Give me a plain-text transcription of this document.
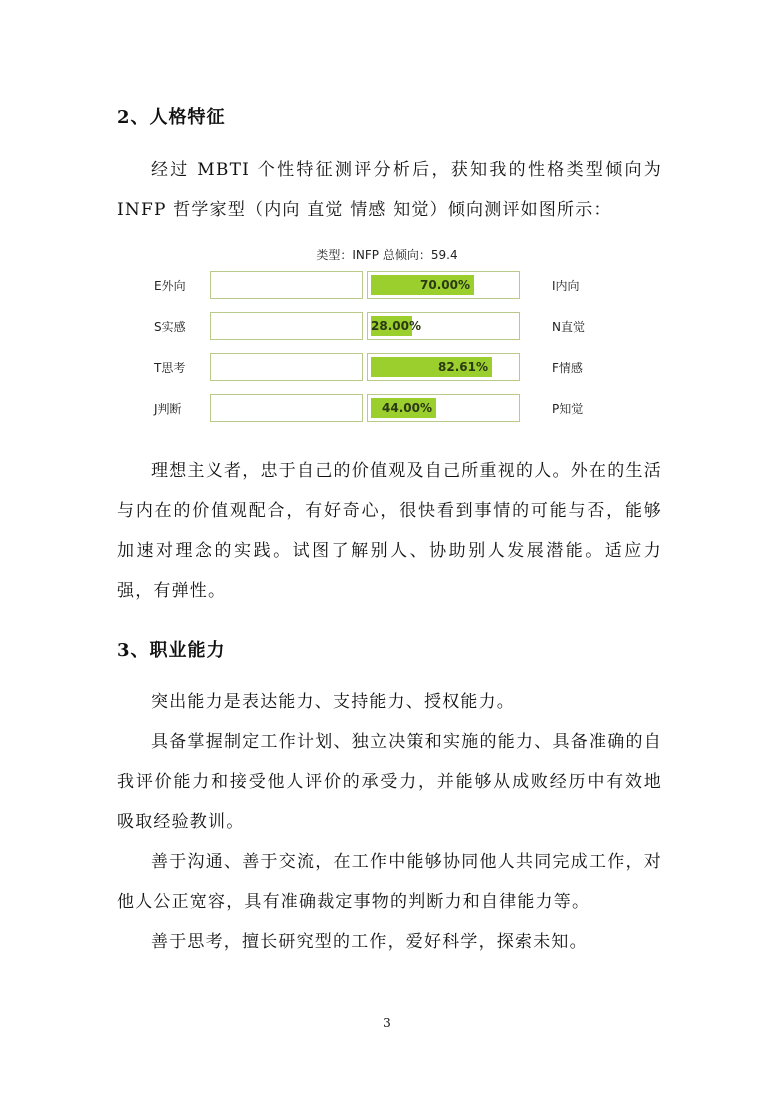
2、人格特征

经过 MBTI 个性特征测评分析后，获知我的性格类型倾向为 INFP 哲学家型（内向 直觉 情感 知觉）倾向测评如图所示：

类型：INFP 总倾向：59.4
E外向	70.00%	I内向
S实感	28.00%	N直觉
T思考	82.61%	F情感
J判断	44.00%	P知觉

理想主义者，忠于自己的价值观及自己所重视的人。外在的生活与内在的价值观配合，有好奇心，很快看到事情的可能与否，能够加速对理念的实践。试图了解别人、协助别人发展潜能。适应力强，有弹性。

3、职业能力

突出能力是表达能力、支持能力、授权能力。

具备掌握制定工作计划、独立决策和实施的能力、具备准确的自我评价能力和接受他人评价的承受力，并能够从成败经历中有效地吸取经验教训。

善于沟通、善于交流，在工作中能够协同他人共同完成工作，对他人公正宽容，具有准确裁定事物的判断力和自律能力等。

善于思考，擅长研究型的工作，爱好科学，探索未知。

3
